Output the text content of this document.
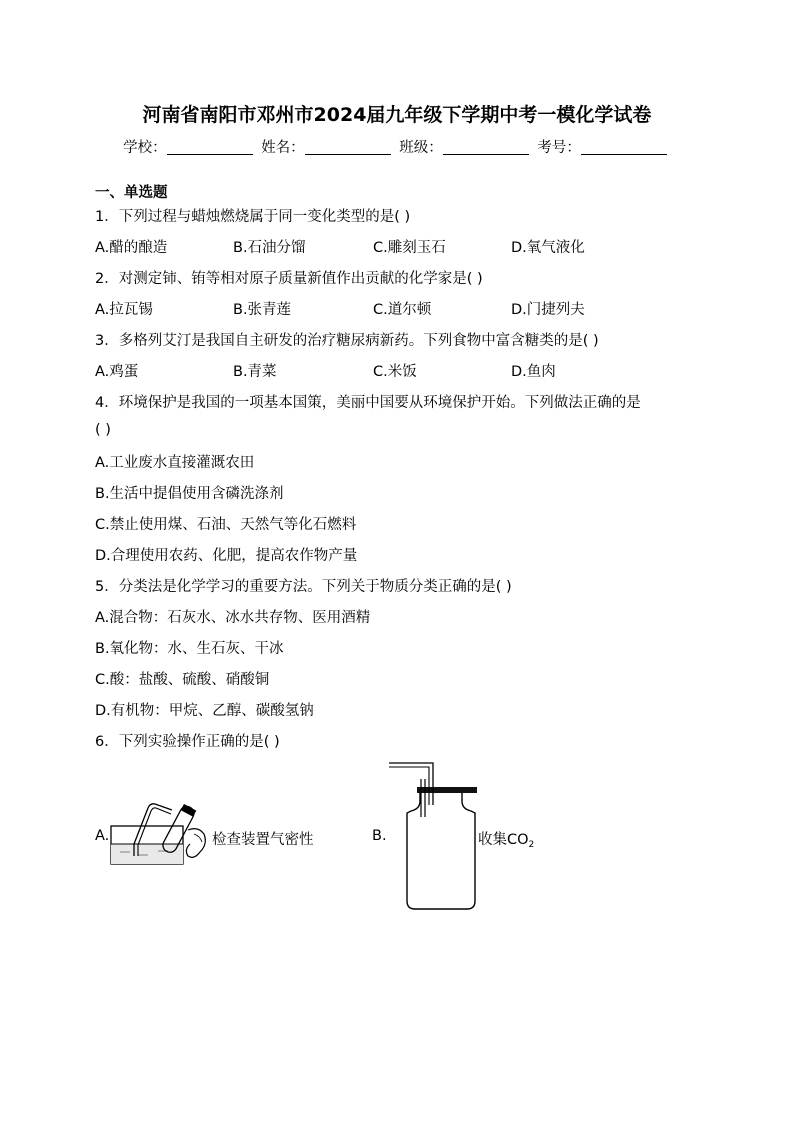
河南省南阳市邓州市2024届九年级下学期中考一模化学试卷
学校：	姓名：	班级：	考号：
一、单选题
1．下列过程与蜡烛燃烧属于同一变化类型的是( )
A.醋的酿造	B.石油分馏	C.雕刻玉石	D.氧气液化
2．对测定铈、铕等相对原子质量新值作出贡献的化学家是( )
A.拉瓦锡	B.张青莲	C.道尔顿	D.门捷列夫
3．多格列艾汀是我国自主研发的治疗糖尿病新药。下列食物中富含糖类的是( )
A.鸡蛋	B.青菜	C.米饭	D.鱼肉
4．环境保护是我国的一项基本国策，美丽中国要从环境保护开始。下列做法正确的是
( )
A.工业废水直接灌溉农田
B.生活中提倡使用含磷洗涤剂
C.禁止使用煤、石油、天然气等化石燃料
D.合理使用农药、化肥，提高农作物产量
5．分类法是化学学习的重要方法。下列关于物质分类正确的是( )
A.混合物：石灰水、冰水共存物、医用酒精
B.氧化物：水、生石灰、干冰
C.酸：盐酸、硫酸、硝酸铜
D.有机物：甲烷、乙醇、碳酸氢钠
6．下列实验操作正确的是( )
A.	检查装置气密性	B.	收集$CO_2$
